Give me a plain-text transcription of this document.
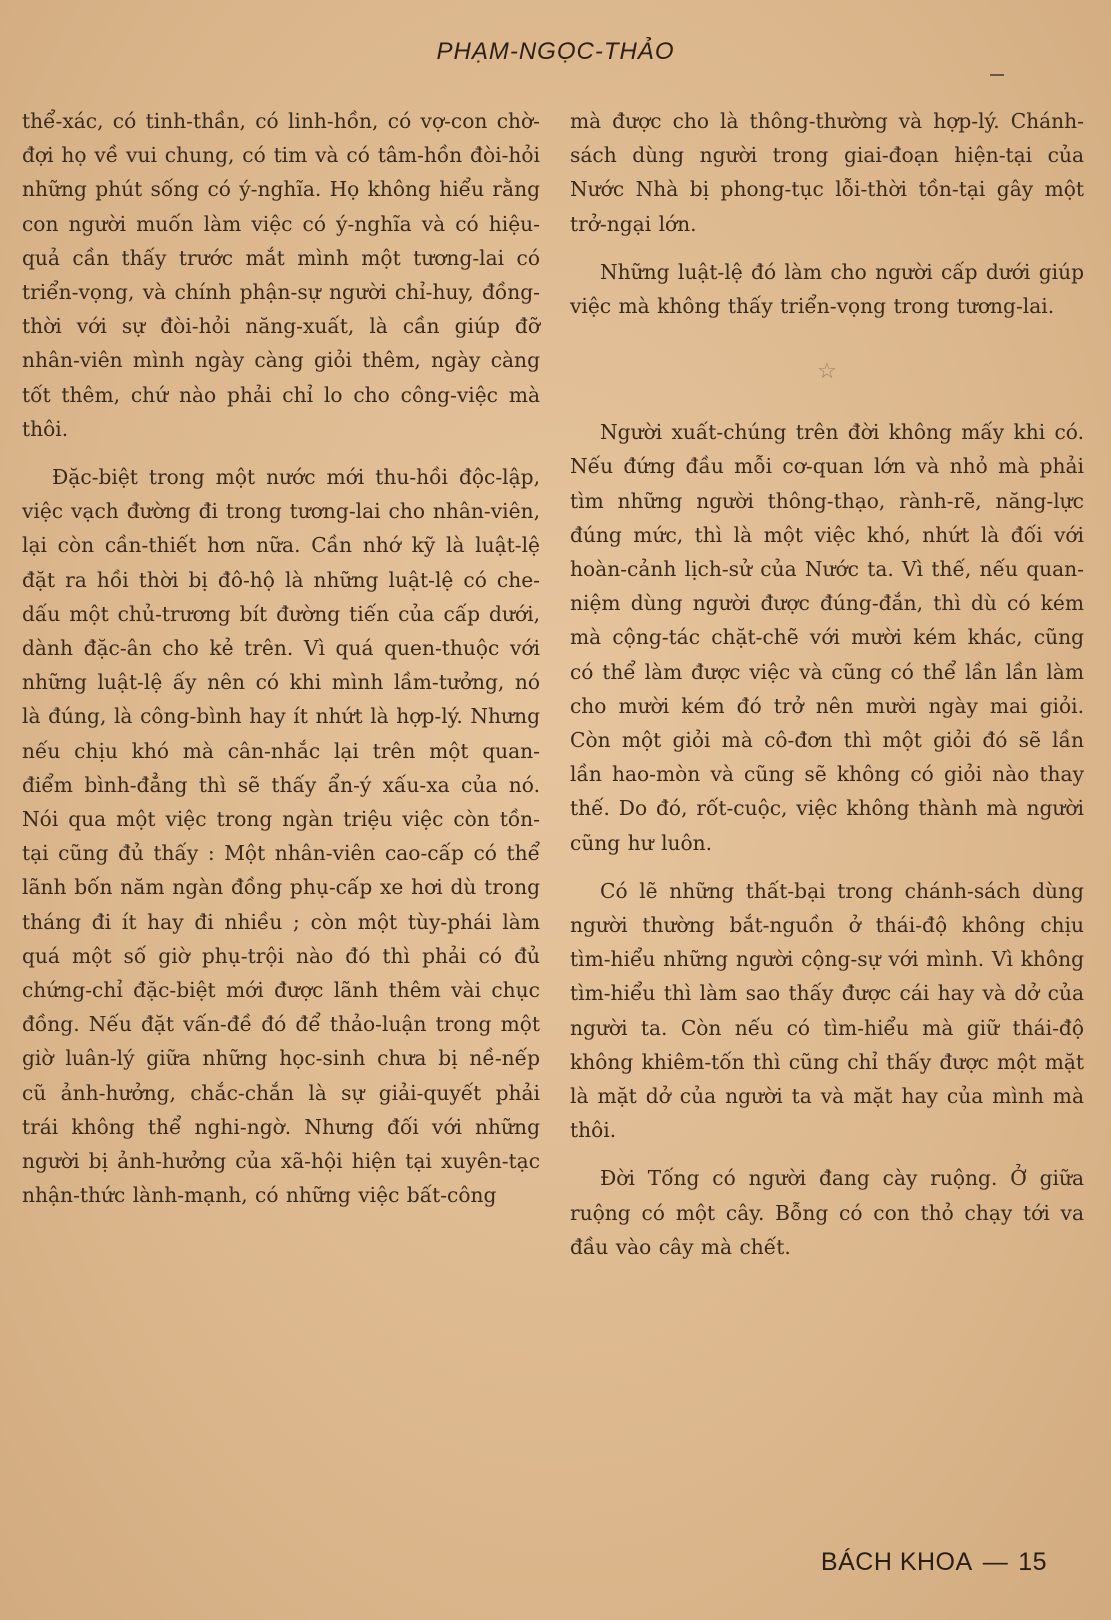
PHẠM-NGỌC-THẢO

thể-xác, có tinh-thần, có linh-hồn, có vợ-con chờ-đợi họ về vui chung, có tim và có tâm-hồn đòi-hỏi những phút sống có ý-nghĩa. Họ không hiểu rằng con người muốn làm việc có ý-nghĩa và có hiệu-quả cần thấy trước mắt mình một tương-lai có triển-vọng, và chính phận-sự người chỉ-huy, đồng-thời với sự đòi-hỏi năng-xuất, là cần giúp đỡ nhân-viên mình ngày càng giỏi thêm, ngày càng tốt thêm, chứ nào phải chỉ lo cho công-việc mà thôi.

Đặc-biệt trong một nước mới thu-hồi độc-lập, việc vạch đường đi trong tương-lai cho nhân-viên, lại còn cần-thiết hơn nữa. Cần nhớ kỹ là luật-lệ đặt ra hồi thời bị đô-hộ là những luật-lệ có che-dấu một chủ-trương bít đường tiến của cấp dưới, dành đặc-ân cho kẻ trên. Vì quá quen-thuộc với những luật-lệ ấy nên có khi mình lầm-tưởng, nó là đúng, là công-bình hay ít nhứt là hợp-lý. Nhưng nếu chịu khó mà cân-nhắc lại trên một quan-điểm bình-đẳng thì sẽ thấy ẩn-ý xấu-xa của nó. Nói qua một việc trong ngàn triệu việc còn tồn-tại cũng đủ thấy : Một nhân-viên cao-cấp có thể lãnh bốn năm ngàn đồng phụ-cấp xe hơi dù trong tháng đi ít hay đi nhiều ; còn một tùy-phái làm quá một số giờ phụ-trội nào đó thì phải có đủ chứng-chỉ đặc-biệt mới được lãnh thêm vài chục đồng. Nếu đặt vấn-đề đó để thảo-luận trong một giờ luân-lý giữa những học-sinh chưa bị nề-nếp cũ ảnh-hưởng, chắc-chắn là sự giải-quyết phải trái không thể nghi-ngờ. Nhưng đối với những người bị ảnh-hưởng của xã-hội hiện tại xuyên-tạc nhận-thức lành-mạnh, có những việc bất-công

mà được cho là thông-thường và hợp-lý. Chánh-sách dùng người trong giai-đoạn hiện-tại của Nước Nhà bị phong-tục lỗi-thời tồn-tại gây một trở-ngại lớn.

Những luật-lệ đó làm cho người cấp dưới giúp việc mà không thấy triển-vọng trong tương-lai.

☆

Người xuất-chúng trên đời không mấy khi có. Nếu đứng đầu mỗi cơ-quan lớn và nhỏ mà phải tìm những người thông-thạo, rành-rẽ, năng-lực đúng mức, thì là một việc khó, nhứt là đối với hoàn-cảnh lịch-sử của Nước ta. Vì thế, nếu quan-niệm dùng người được đúng-đắn, thì dù có kém mà cộng-tác chặt-chẽ với mười kém khác, cũng có thể làm được việc và cũng có thể lần lần làm cho mười kém đó trở nên mười ngày mai giỏi. Còn một giỏi mà cô-đơn thì một giỏi đó sẽ lần lần hao-mòn và cũng sẽ không có giỏi nào thay thế. Do đó, rốt-cuộc, việc không thành mà người cũng hư luôn.

Có lẽ những thất-bại trong chánh-sách dùng người thường bắt-nguồn ở thái-độ không chịu tìm-hiểu những người cộng-sự với mình. Vì không tìm-hiểu thì làm sao thấy được cái hay và dở của người ta. Còn nếu có tìm-hiểu mà giữ thái-độ không khiêm-tốn thì cũng chỉ thấy được một mặt là mặt dở của người ta và mặt hay của mình mà thôi.

Đời Tống có người đang cày ruộng. Ở giữa ruộng có một cây. Bỗng có con thỏ chạy tới va đầu vào cây mà chết.

BÁCH KHOA — 15
